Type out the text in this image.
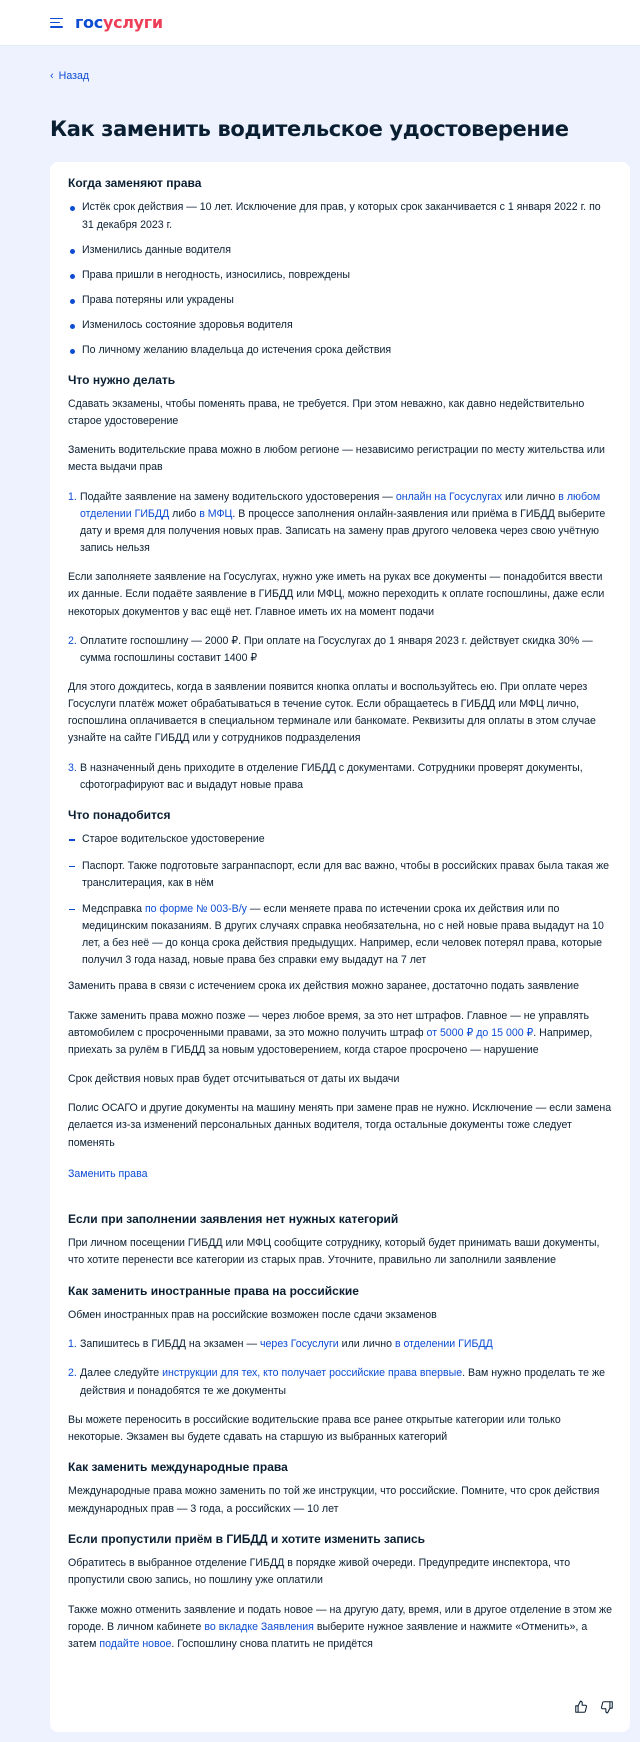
госуслуги
‹ Назад
Как заменить водительское удостоверение
Когда заменяют права
Истёк срок действия — 10 лет. Исключение для прав, у которых срок заканчивается с 1 января 2022 г. по 31 декабря 2023 г.
Изменились данные водителя
Права пришли в негодность, износились, повреждены
Права потеряны или украдены
Изменилось состояние здоровья водителя
По личному желанию владельца до истечения срока действия
Что нужно делать

Сдавать экзамены, чтобы поменять права, не требуется. При этом неважно, как давно недействительно старое удостоверение

Заменить водительские права можно в любом регионе — независимо регистрации по месту жительства или места выдачи прав

1. Подайте заявление на замену водительского удостоверения — онлайн на Госуслугах или лично в любом отделении ГИБДД либо в МФЦ. В процессе заполнения онлайн-заявления или приёма в ГИБДД выберите дату и время для получения новых прав. Записать на замену прав другого человека через свою учётную запись нельзя

Если заполняете заявление на Госуслугах, нужно уже иметь на руках все документы — понадобится ввести их данные. Если подаёте заявление в ГИБДД или МФЦ, можно переходить к оплате госпошлины, даже если некоторых документов у вас ещё нет. Главное иметь их на момент подачи

2. Оплатите госпошлину — 2000 ₽. При оплате на Госуслугах до 1 января 2023 г. действует скидка 30% — сумма госпошлины составит 1400 ₽

Для этого дождитесь, когда в заявлении появится кнопка оплаты и воспользуйтесь ею. При оплате через Госуслуги платёж может обрабатываться в течение суток. Если обращаетесь в ГИБДД или МФЦ лично, госпошлина оплачивается в специальном терминале или банкомате. Реквизиты для оплаты в этом случае узнайте на сайте ГИБДД или у сотрудников подразделения

3. В назначенный день приходите в отделение ГИБДД с документами. Сотрудники проверят документы, сфотографируют вас и выдадут новые права
Что понадобится
Старое водительское удостоверение
Паспорт. Также подготовьте загранпаспорт, если для вас важно, чтобы в российских правах была такая же транслитерация, как в нём
Медсправка по форме № 003-В/у — если меняете права по истечении срока их действия или по медицинским показаниям. В других случаях справка необязательна, но с ней новые права выдадут на 10 лет, а без неё — до конца срока действия предыдущих. Например, если человек потерял права, которые получил 3 года назад, новые права без справки ему выдадут на 7 лет

Заменить права в связи с истечением срока их действия можно заранее, достаточно подать заявление

Также заменить права можно позже — через любое время, за это нет штрафов. Главное — не управлять автомобилем с просроченными правами, за это можно получить штраф от 5000 ₽ до 15 000 ₽. Например, приехать за рулём в ГИБДД за новым удостоверением, когда старое просрочено — нарушение

Срок действия новых прав будет отсчитываться от даты их выдачи

Полис ОСАГО и другие документы на машину менять при замене прав не нужно. Исключение — если замена делается из-за изменений персональных данных водителя, тогда остальные документы тоже следует поменять

Заменить права
Если при заполнении заявления нет нужных категорий

При личном посещении ГИБДД или МФЦ сообщите сотруднику, который будет принимать ваши документы, что хотите перенести все категории из старых прав. Уточните, правильно ли заполнили заявление

Как заменить иностранные права на российские

Обмен иностранных прав на российские возможен после сдачи экзаменов

1. Запишитесь в ГИБДД на экзамен — через Госуслуги или лично в отделении ГИБДД
2. Далее следуйте инструкции для тех, кто получает российские права впервые. Вам нужно проделать те же действия и понадобятся те же документы

Вы можете переносить в российские водительские права все ранее открытые категории или только некоторые. Экзамен вы будете сдавать на старшую из выбранных категорий

Как заменить международные права

Международные права можно заменить по той же инструкции, что российские. Помните, что срок действия международных прав — 3 года, а российских — 10 лет

Если пропустили приём в ГИБДД и хотите изменить запись

Обратитесь в выбранное отделение ГИБДД в порядке живой очереди. Предупредите инспектора, что пропустили свою запись, но пошлину уже оплатили

Также можно отменить заявление и подать новое — на другую дату, время, или в другое отделение в этом же городе. В личном кабинете во вкладке Заявления выберите нужное заявление и нажмите «Отменить», а затем подайте новое. Госпошлину снова платить не придётся
